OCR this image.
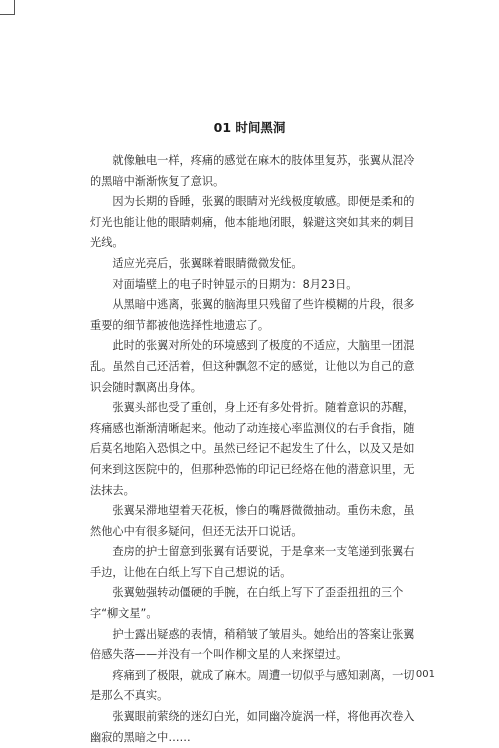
01 时间黑洞

就像触电一样，疼痛的感觉在麻木的肢体里复苏，张翼从混冷的黑暗中渐渐恢复了意识。

因为长期的昏睡，张翼的眼睛对光线极度敏感。即便是柔和的灯光也能让他的眼睛刺痛，他本能地闭眼，躲避这突如其来的刺目光线。

适应光亮后，张翼眯着眼睛微微发怔。

对面墙壁上的电子时钟显示的日期为：8月23日。

从黑暗中逃离，张翼的脑海里只残留了些许模糊的片段，很多重要的细节都被他选择性地遗忘了。

此时的张翼对所处的环境感到了极度的不适应，大脑里一团混乱。虽然自己还活着，但这种飘忽不定的感觉，让他以为自己的意识会随时飘离出身体。

张翼头部也受了重创，身上还有多处骨折。随着意识的苏醒，疼痛感也渐渐清晰起来。他动了动连接心率监测仪的右手食指，随后莫名地陷入恐惧之中。虽然已经记不起发生了什么，以及又是如何来到这医院中的，但那种恐怖的印记已经烙在他的潜意识里，无法抹去。

张翼呆滞地望着天花板，惨白的嘴唇微微抽动。重伤未愈，虽然他心中有很多疑问，但还无法开口说话。

查房的护士留意到张翼有话要说，于是拿来一支笔递到张翼右手边，让他在白纸上写下自己想说的话。

张翼勉强转动僵硬的手腕，在白纸上写下了歪歪扭扭的三个字“柳文星”。

护士露出疑惑的表情，稍稍皱了皱眉头。她给出的答案让张翼倍感失落——并没有一个叫作柳文星的人来探望过。

疼痛到了极限，就成了麻木。周遭一切似乎与感知剥离，一切是那么不真实。

张翼眼前萦绕的迷幻白光，如同幽冷旋涡一样，将他再次卷入幽寂的黑暗之中……

001
